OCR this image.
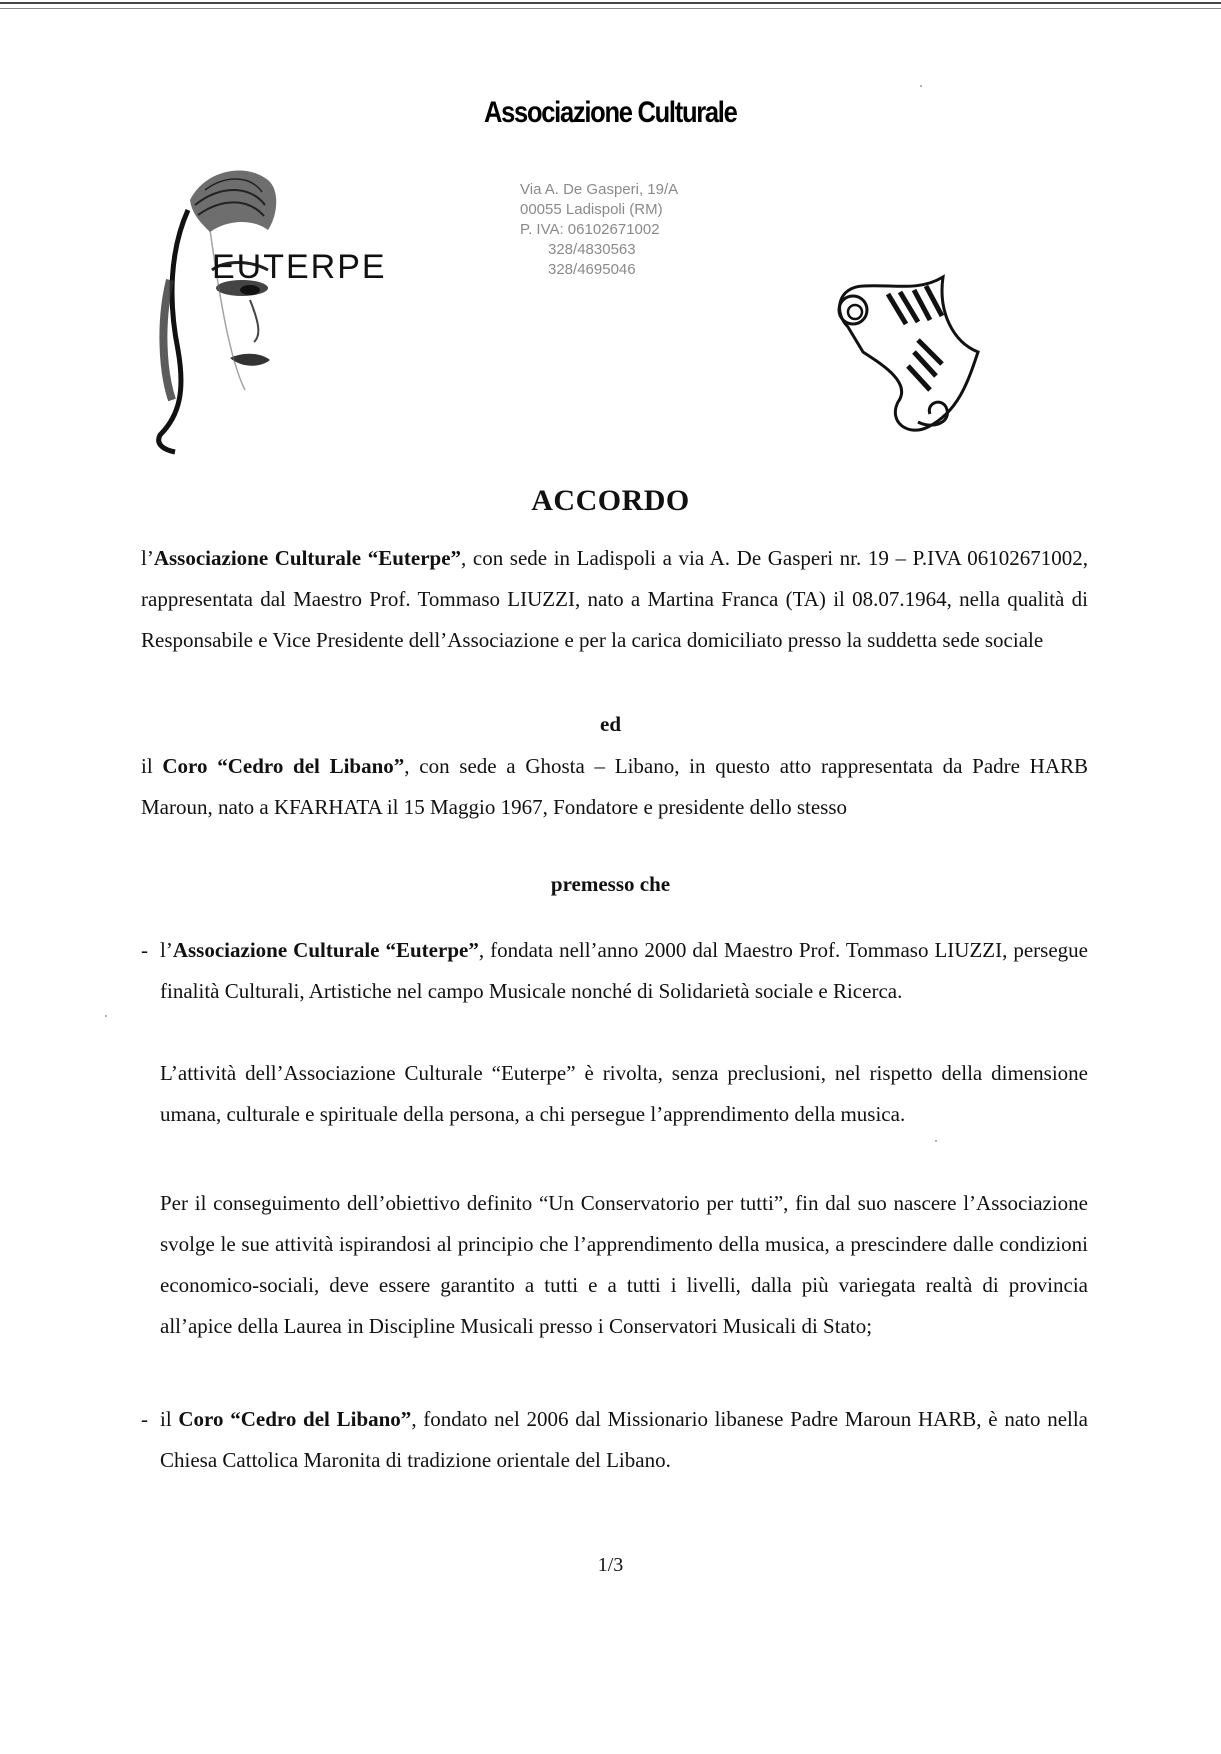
Associazione Culturale
Via A. De Gasperi, 19/A
00055 Ladispoli (RM)
P. IVA: 06102671002
328/4830563
328/4695046
EUTERPE
ACCORDO

l’Associazione Culturale “Euterpe”, con sede in Ladispoli a via A. De Gasperi nr. 19 – P.IVA 06102671002, rappresentata dal Maestro Prof. Tommaso LIUZZI, nato a Martina Franca (TA) il 08.07.1964, nella qualità di Responsabile e Vice Presidente dell’Associazione e per la carica domiciliato presso la suddetta sede sociale

ed

il Coro “Cedro del Libano”, con sede a Ghosta – Libano, in questo atto rappresentata da Padre HARB Maroun, nato a KFARHATA il 15 Maggio 1967, Fondatore e presidente dello stesso

premesso che
- l’Associazione Culturale “Euterpe”, fondata nell’anno 2000 dal Maestro Prof. Tommaso LIUZZI, persegue finalità Culturali, Artistiche nel campo Musicale nonché di Solidarietà sociale e Ricerca.

L’attività dell’Associazione Culturale “Euterpe” è rivolta, senza preclusioni, nel rispetto della dimensione umana, culturale e spirituale della persona, a chi persegue l’apprendimento della musica.

Per il conseguimento dell’obiettivo definito “Un Conservatorio per tutti”, fin dal suo nascere l’Associazione svolge le sue attività ispirandosi al principio che l’apprendimento della musica, a prescindere dalle condizioni economico-sociali, deve essere garantito a tutti e a tutti i livelli, dalla più variegata realtà di provincia all’apice della Laurea in Discipline Musicali presso i Conservatori Musicali di Stato;

- il Coro “Cedro del Libano”, fondato nel 2006 dal Missionario libanese Padre Maroun HARB, è nato nella Chiesa Cattolica Maronita di tradizione orientale del Libano.

1/3
